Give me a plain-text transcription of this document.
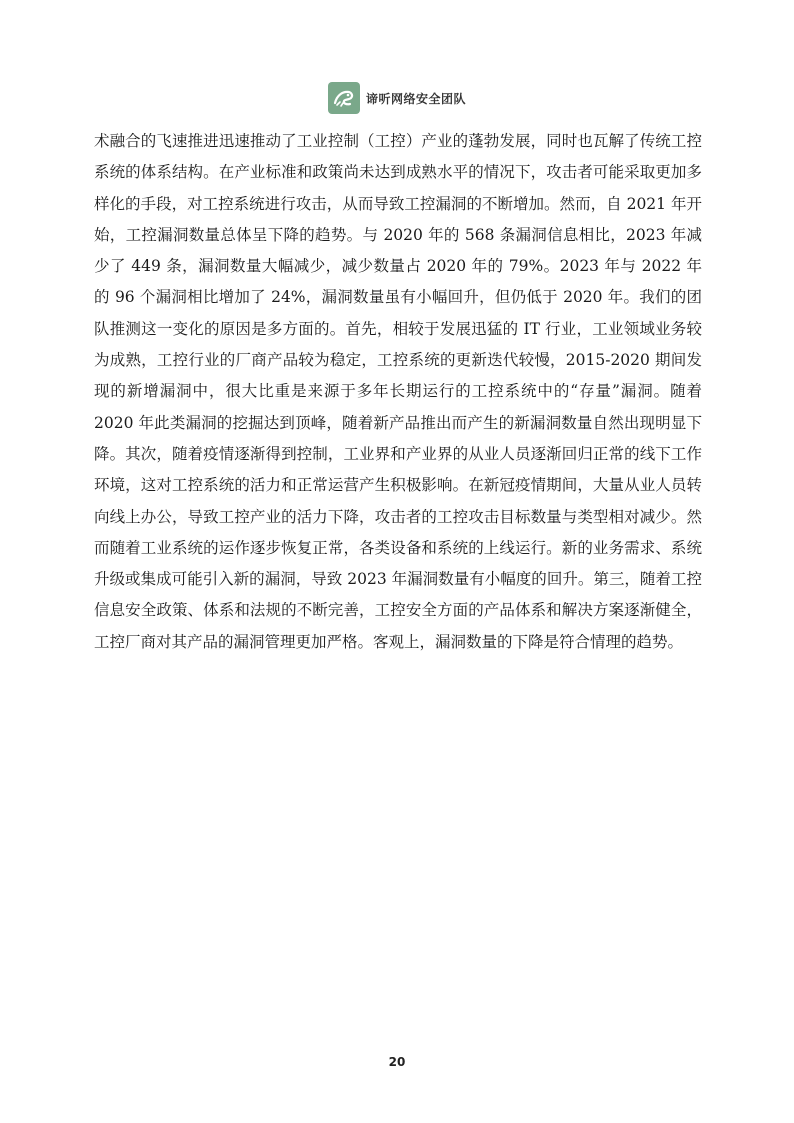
谛听网络安全团队

术融合的飞速推进迅速推动了工业控制（工控）产业的蓬勃发展，同时也瓦解了传统工控系统的体系结构。在产业标准和政策尚未达到成熟水平的情况下，攻击者可能采取更加多样化的手段，对工控系统进行攻击，从而导致工控漏洞的不断增加。然而，自 2021 年开始，工控漏洞数量总体呈下降的趋势。与 2020 年的 568 条漏洞信息相比，2023 年减少了 449 条，漏洞数量大幅减少，减少数量占 2020 年的 79%。2023 年与 2022 年的 96 个漏洞相比增加了 24%，漏洞数量虽有小幅回升，但仍低于 2020 年。我们的团队推测这一变化的原因是多方面的。首先，相较于发展迅猛的 IT 行业，工业领域业务较为成熟，工控行业的厂商产品较为稳定，工控系统的更新迭代较慢，2015-2020 期间发现的新增漏洞中，很大比重是来源于多年长期运行的工控系统中的“存量”漏洞。随着 2020 年此类漏洞的挖掘达到顶峰，随着新产品推出而产生的新漏洞数量自然出现明显下降。其次，随着疫情逐渐得到控制，工业界和产业界的从业人员逐渐回归正常的线下工作环境，这对工控系统的活力和正常运营产生积极影响。在新冠疫情期间，大量从业人员转向线上办公，导致工控产业的活力下降，攻击者的工控攻击目标数量与类型相对减少。然而随着工业系统的运作逐步恢复正常，各类设备和系统的上线运行。新的业务需求、系统升级或集成可能引入新的漏洞，导致 2023 年漏洞数量有小幅度的回升。第三，随着工控信息安全政策、体系和法规的不断完善，工控安全方面的产品体系和解决方案逐渐健全，工控厂商对其产品的漏洞管理更加严格。客观上，漏洞数量的下降是符合情理的趋势。

20
